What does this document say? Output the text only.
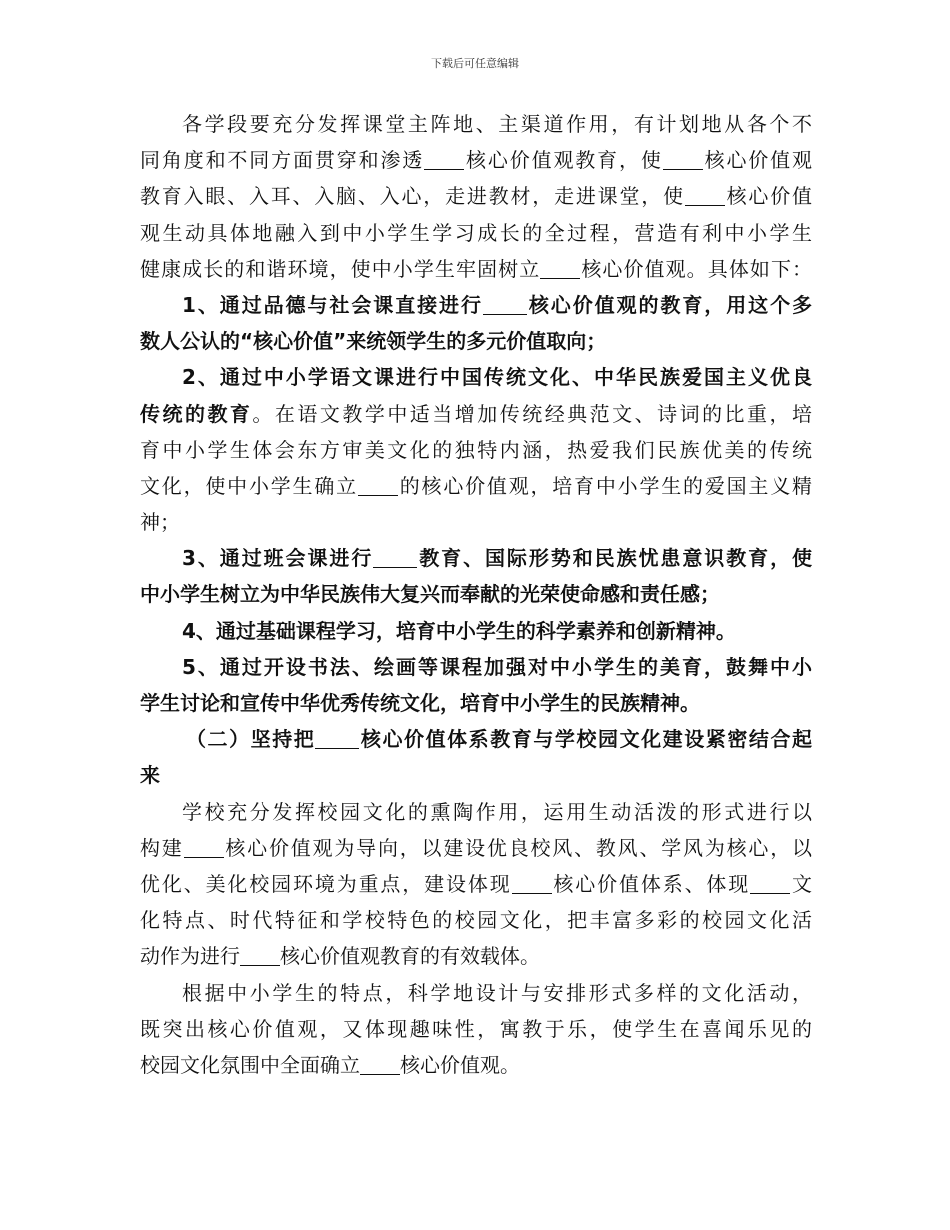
下载后可任意编辑
各学段要充分发挥课堂主阵地、主渠道作用，有计划地从各个不
同角度和不同方面贯穿和渗透 核心价值观教育，使 核心价值观
教育入眼、入耳、入脑、入心，走进教材，走进课堂，使 核心价值
观生动具体地融入到中小学生学习成长的全过程，营造有利中小学生
健康成长的和谐环境，使中小学生牢固树立 核心价值观。具体如下：
1、通过品德与社会课直接进行 核心价值观的教育，用这个多
数人公认的“核心价值”来统领学生的多元价值取向；
2、通过中小学语文课进行中国传统文化、中华民族爱国主义优良
传统的教育。在语文教学中适当增加传统经典范文、诗词的比重，培
育中小学生体会东方审美文化的独特内涵，热爱我们民族优美的传统
文化，使中小学生确立 的核心价值观，培育中小学生的爱国主义精
神；
3、通过班会课进行 教育、国际形势和民族忧患意识教育，使
中小学生树立为中华民族伟大复兴而奉献的光荣使命感和责任感；
4、通过基础课程学习，培育中小学生的科学素养和创新精神。
5、通过开设书法、绘画等课程加强对中小学生的美育，鼓舞中小
学生讨论和宣传中华优秀传统文化，培育中小学生的民族精神。
（二）坚持把 核心价值体系教育与学校园文化建设紧密结合起
来
学校充分发挥校园文化的熏陶作用，运用生动活泼的形式进行以
构建 核心价值观为导向，以建设优良校风、教风、学风为核心，以
优化、美化校园环境为重点，建设体现 核心价值体系、体现 文
化特点、时代特征和学校特色的校园文化，把丰富多彩的校园文化活
动作为进行 核心价值观教育的有效载体。
根据中小学生的特点，科学地设计与安排形式多样的文化活动，
既突出核心价值观，又体现趣味性，寓教于乐，使学生在喜闻乐见的
校园文化氛围中全面确立 核心价值观。
